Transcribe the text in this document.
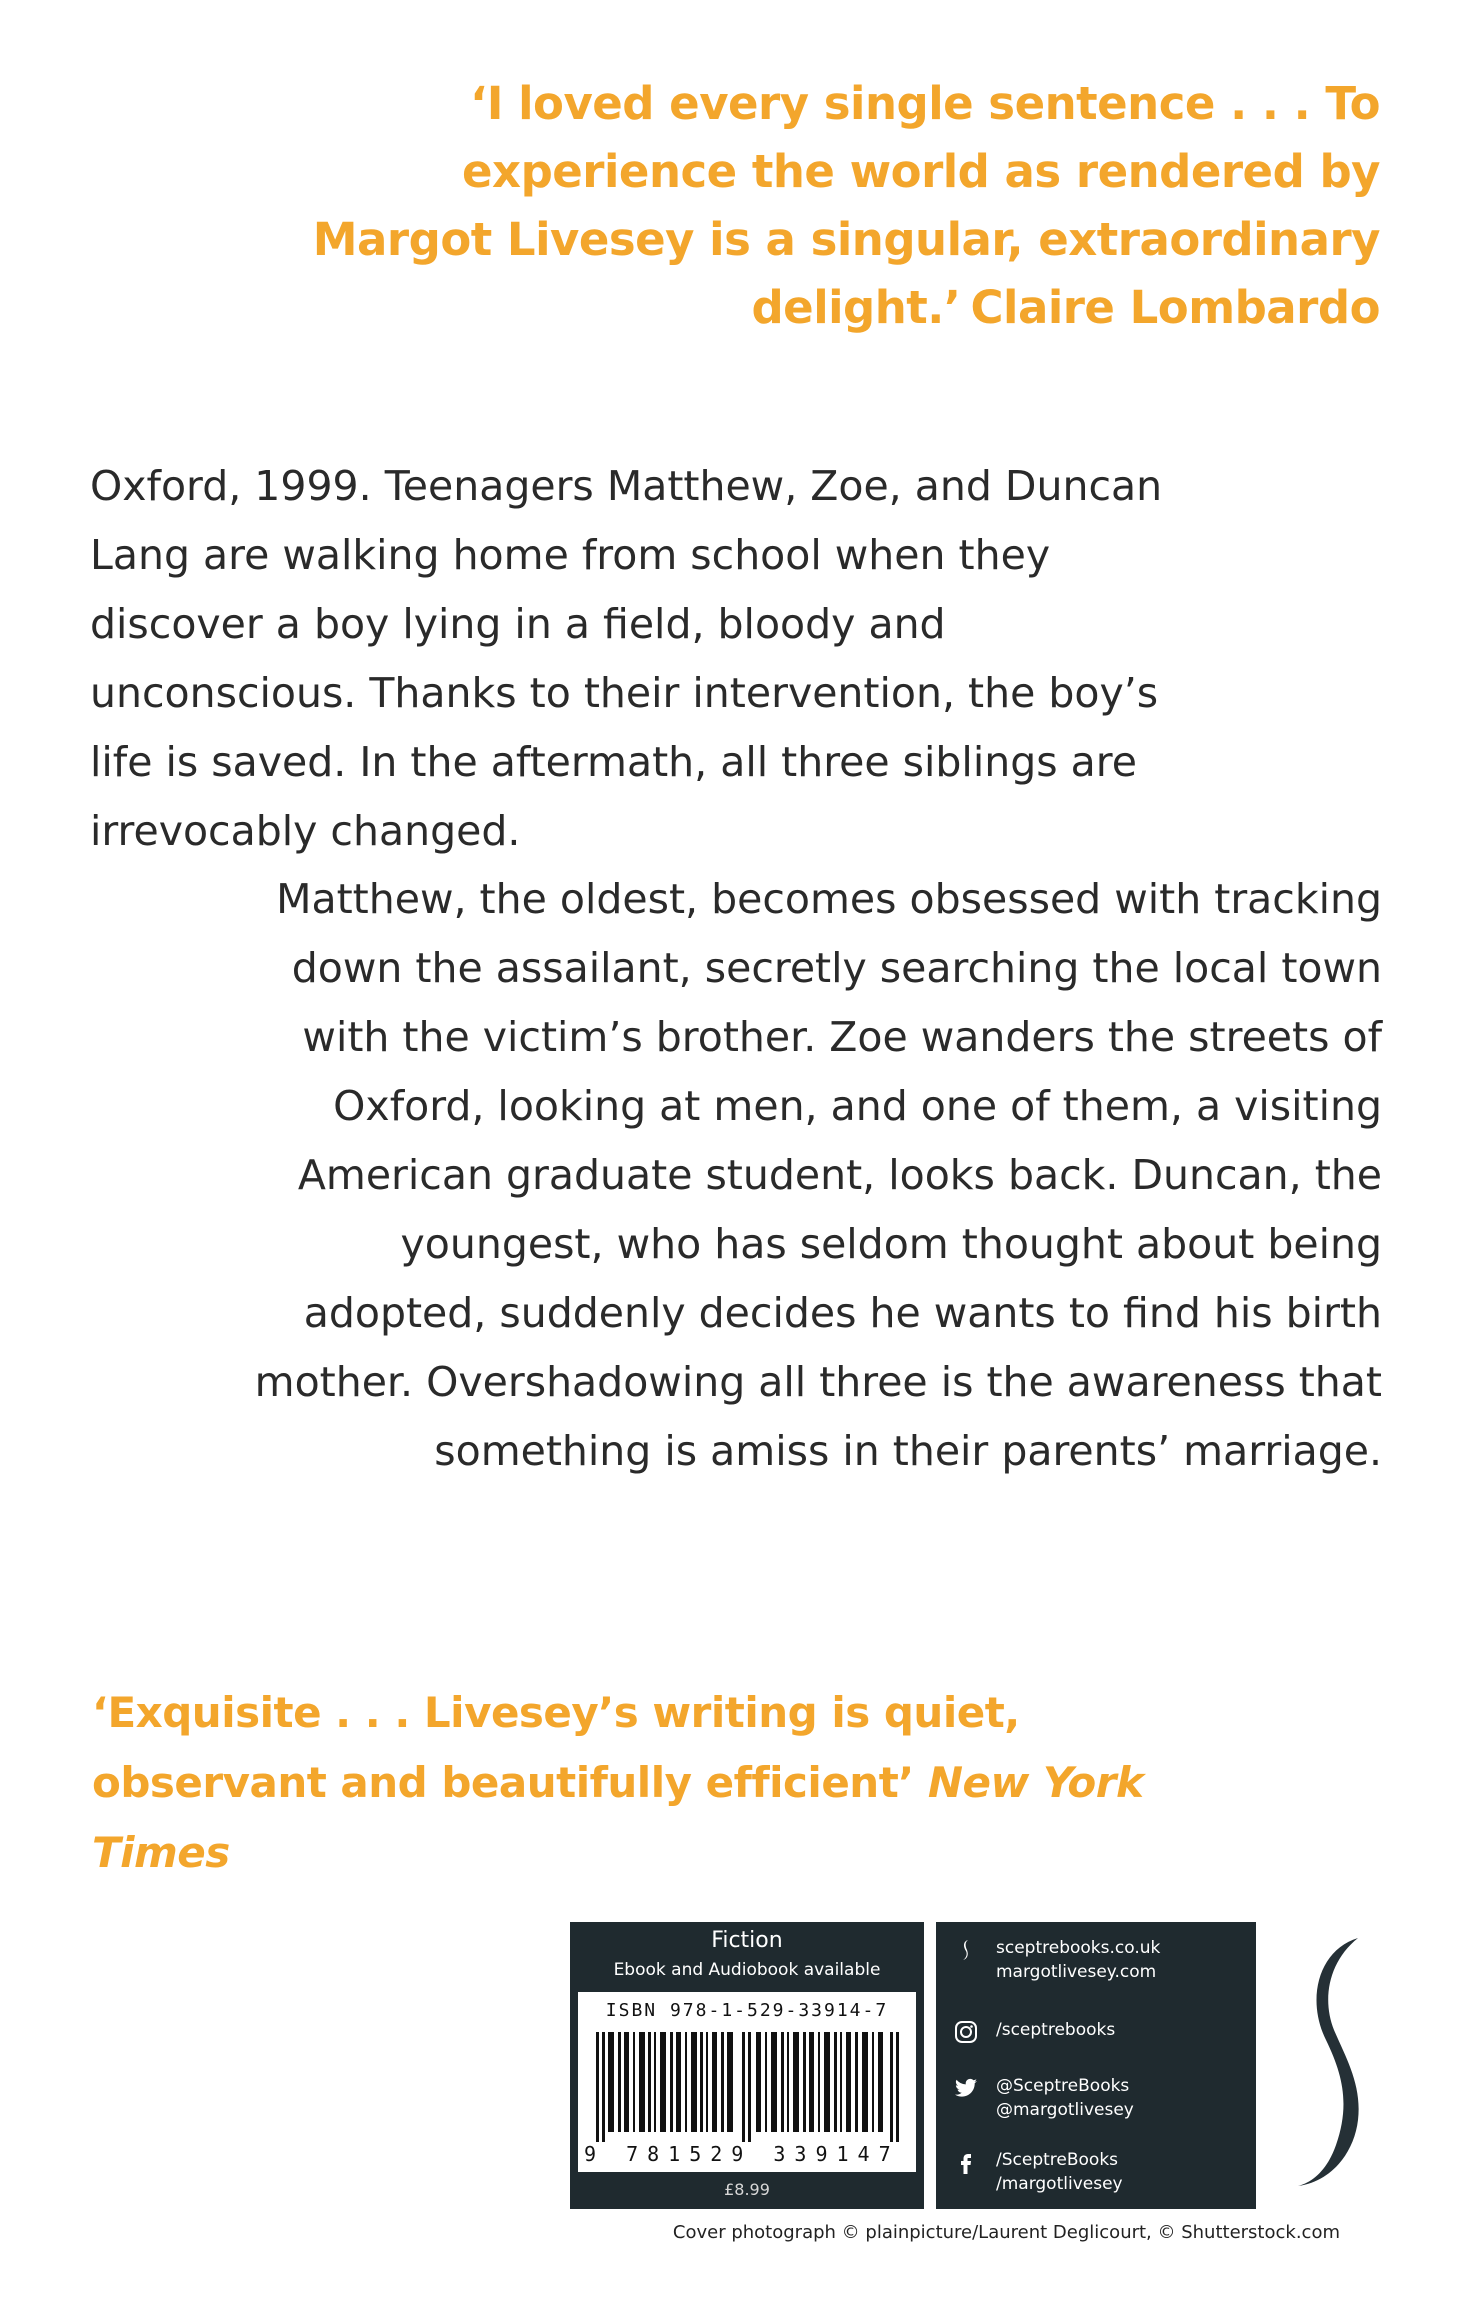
‘I loved every single sentence . . . To experience the world as rendered by Margot Livesey is a singular, extraordinary delight.’ Claire Lombardo
Oxford, 1999. Teenagers Matthew, Zoe, and Duncan Lang are walking home from school when they discover a boy lying in a field, bloody and unconscious. Thanks to their intervention, the boy’s life is saved. In the aftermath, all three siblings are irrevocably changed.
Matthew, the oldest, becomes obsessed with tracking down the assailant, secretly searching the local town with the victim’s brother. Zoe wanders the streets of Oxford, looking at men, and one of them, a visiting American graduate student, looks back. Duncan, the youngest, who has seldom thought about being adopted, suddenly decides he wants to find his birth mother. Overshadowing all three is the awareness that something is amiss in their parents’ marriage.
‘Exquisite . . . Livesey’s writing is quiet, observant and beautifully efficient’ New York Times
Fiction
Ebook and Audiobook available
ISBN 978-1-529-33914-7
9 781529 339147
£8.99
sceptrebooks.co.uk
margotlivesey.com
/sceptrebooks
@SceptreBooks
@margotlivesey
/SceptreBooks
/margotlivesey
Cover photograph © plainpicture/Laurent Deglicourt, © Shutterstock.com
